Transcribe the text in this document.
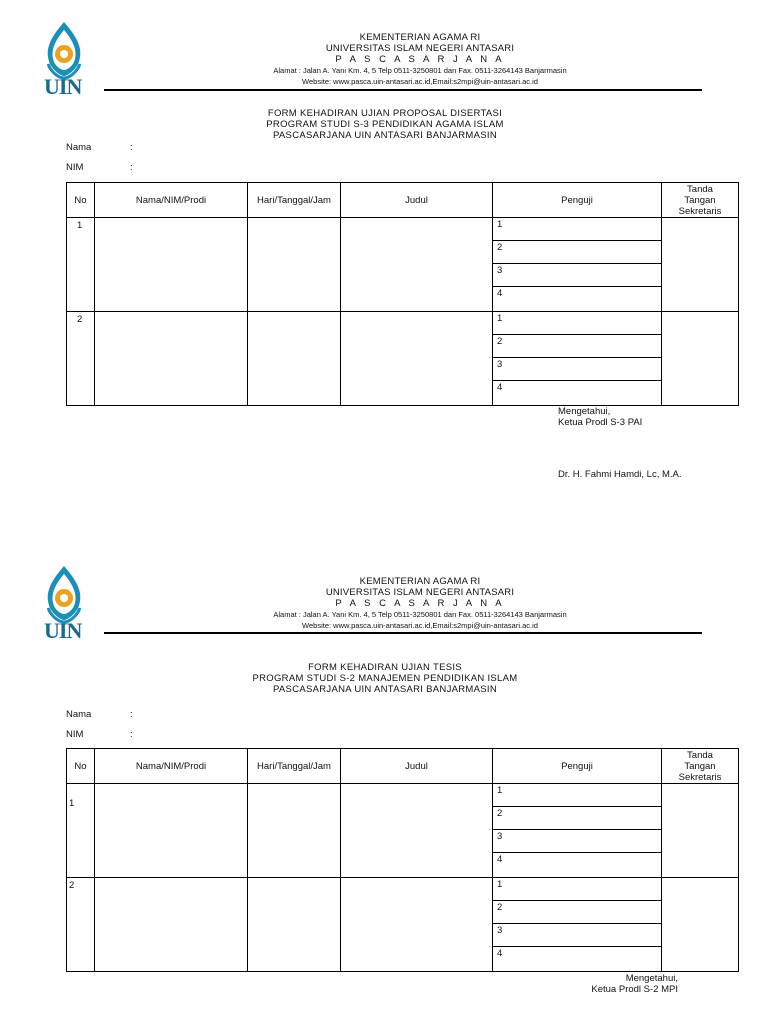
UIN
KEMENTERIAN AGAMA RI
UNIVERSITAS ISLAM NEGERI ANTASARI
P A S C A S A R J A N A
Alamat : Jalan A. Yani Km. 4, 5 Telp 0511-3250801 dan Fax. 0511-3264143 Banjarmasin
Website: www.pasca.uin-antasari.ac.id,Email:s2mpi@uin-antasari.ac.id
FORM KEHADIRAN UJIAN PROPOSAL DISERTASI
PROGRAM STUDI S-3 PENDIDIKAN AGAMA ISLAM
PASCASARJANA UIN ANTASARI BANJARMASIN
Nama	:
NIM	:
No	Nama/NIM/Prodi	Hari/Tanggal/Jam	Judul	Penguji	Tanda
Tangan
Sekretaris

1				1
2
3
4	

2				1
2
3
4	

Mengetahui,
Ketua Prodl S-3 PAI
Dr. H. Fahmi Hamdi, Lc, M.A.
UIN
KEMENTERIAN AGAMA RI
UNIVERSITAS ISLAM NEGERI ANTASARI
P A S C A S A R J A N A
Alamat : Jalan A. Yani Km. 4, 5 Telp 0511-3250801 dan Fax. 0511-3264143 Banjarmasin
Website: www.pasca.uin-antasari.ac.id,Email:s2mpi@uin-antasari.ac.id
FORM KEHADIRAN UJIAN TESIS
PROGRAM STUDI S-2 MANAJEMEN PENDIDIKAN ISLAM
PASCASARJANA UIN ANTASARI BANJARMASIN
Nama	:
NIM	:
No	Nama/NIM/Prodi	Hari/Tanggal/Jam	Judul	Penguji	Tanda
Tangan
Sekretaris

1				1
2
3
4	

2				1
2
3
4	

Mengetahui,
Ketua Prodl S-2 MPI
